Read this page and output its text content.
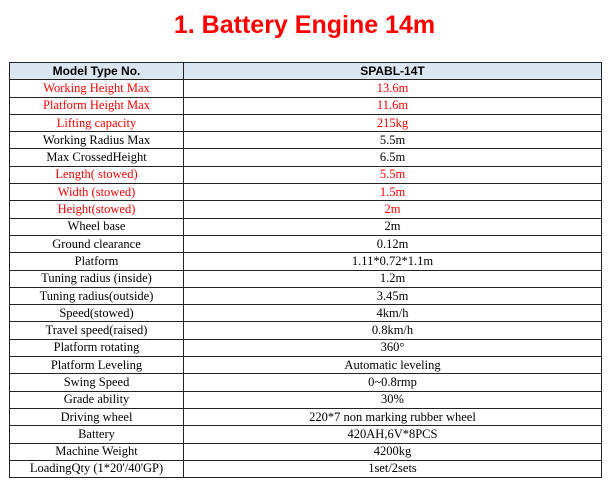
1. Battery Engine 14m
Model Type No.	SPABL-14T
Working Height Max	13.6m
Platform Height Max	11.6m
Lifting capacity	215kg
Working Radius Max	5.5m
Max CrossedHeight	6.5m
Length( stowed)	5.5m
Width (stowed)	1.5m
Height(stowed)	2m
Wheel base	2m
Ground clearance	0.12m
Platform	1.11*0.72*1.1m
Tuning radius (inside)	1.2m
Tuning radius(outside)	3.45m
Speed(stowed)	4km/h
Travel speed(raised)	0.8km/h
Platform rotating	360°
Platform Leveling	Automatic leveling
Swing Speed	0~0.8rmp
Grade ability	30%
Driving wheel	220*7 non marking rubber wheel
Battery	420AH,6V*8PCS
Machine Weight	4200kg
LoadingQty (1*20'/40'GP)	1set/2sets
